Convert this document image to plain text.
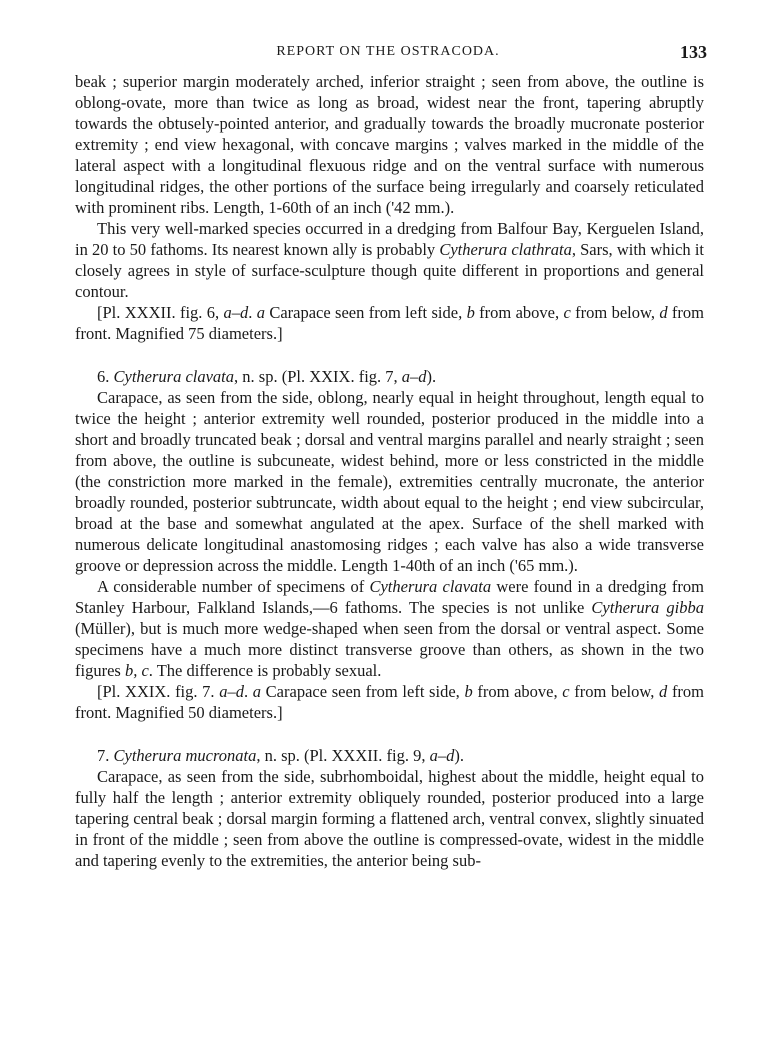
REPORT ON THE OSTRACODA.	133

beak ; superior margin moderately arched, inferior straight ; seen from above, the outline is oblong-ovate, more than twice as long as broad, widest near the front, tapering abruptly towards the obtusely-pointed anterior, and gradually towards the broadly mucronate posterior extremity ; end view hexagonal, with concave margins ; valves marked in the middle of the lateral aspect with a longitudinal flexuous ridge and on the ventral surface with numerous longitudinal ridges, the other portions of the surface being irregularly and coarsely reticulated with prominent ribs. Length, 1-60th of an inch ('42 mm.).

This very well-marked species occurred in a dredging from Balfour Bay, Kerguelen Island, in 20 to 50 fathoms. Its nearest known ally is probably Cytherura clathrata, Sars, with which it closely agrees in style of surface-sculpture though quite different in proportions and general contour.

[Pl. XXXII. fig. 6, a–d. a Carapace seen from left side, b from above, c from below, d from front. Magnified 75 diameters.]

6. Cytherura clavata, n. sp. (Pl. XXIX. fig. 7, a–d).

Carapace, as seen from the side, oblong, nearly equal in height throughout, length equal to twice the height ; anterior extremity well rounded, posterior produced in the middle into a short and broadly truncated beak ; dorsal and ventral margins parallel and nearly straight ; seen from above, the outline is subcuneate, widest behind, more or less constricted in the middle (the constriction more marked in the female), extremities centrally mucronate, the anterior broadly rounded, posterior subtruncate, width about equal to the height ; end view subcircular, broad at the base and somewhat angulated at the apex. Surface of the shell marked with numerous delicate longitudinal anastomosing ridges ; each valve has also a wide transverse groove or depression across the middle. Length 1-40th of an inch ('65 mm.).

A considerable number of specimens of Cytherura clavata were found in a dredging from Stanley Harbour, Falkland Islands,—6 fathoms. The species is not unlike Cytherura gibba (Müller), but is much more wedge-shaped when seen from the dorsal or ventral aspect. Some specimens have a much more distinct transverse groove than others, as shown in the two figures b, c. The difference is probably sexual.

[Pl. XXIX. fig. 7. a–d. a Carapace seen from left side, b from above, c from below, d from front. Magnified 50 diameters.]

7. Cytherura mucronata, n. sp. (Pl. XXXII. fig. 9, a–d).

Carapace, as seen from the side, subrhomboidal, highest about the middle, height equal to fully half the length ; anterior extremity obliquely rounded, posterior produced into a large tapering central beak ; dorsal margin forming a flattened arch, ventral convex, slightly sinuated in front of the middle ; seen from above the outline is compressed-ovate, widest in the middle and tapering evenly to the extremities, the anterior being sub-
